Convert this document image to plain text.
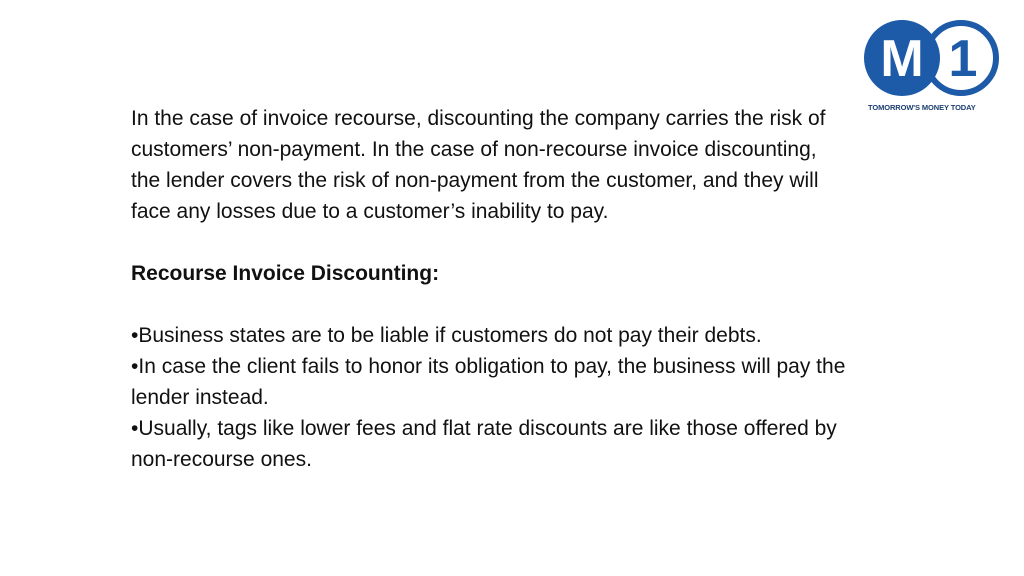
M 1
TOMORROW'S MONEY TODAY

In the case of invoice recourse, discounting the company carries the risk of customers’ non-payment. In the case of non-recourse invoice discounting, the lender covers the risk of non-payment from the customer, and they will face any losses due to a customer’s inability to pay.

Recourse Invoice Discounting:

•Business states are to be liable if customers do not pay their debts.

•In case the client fails to honor its obligation to pay, the business will pay the lender instead.

•Usually, tags like lower fees and flat rate discounts are like those offered by non-recourse ones.
